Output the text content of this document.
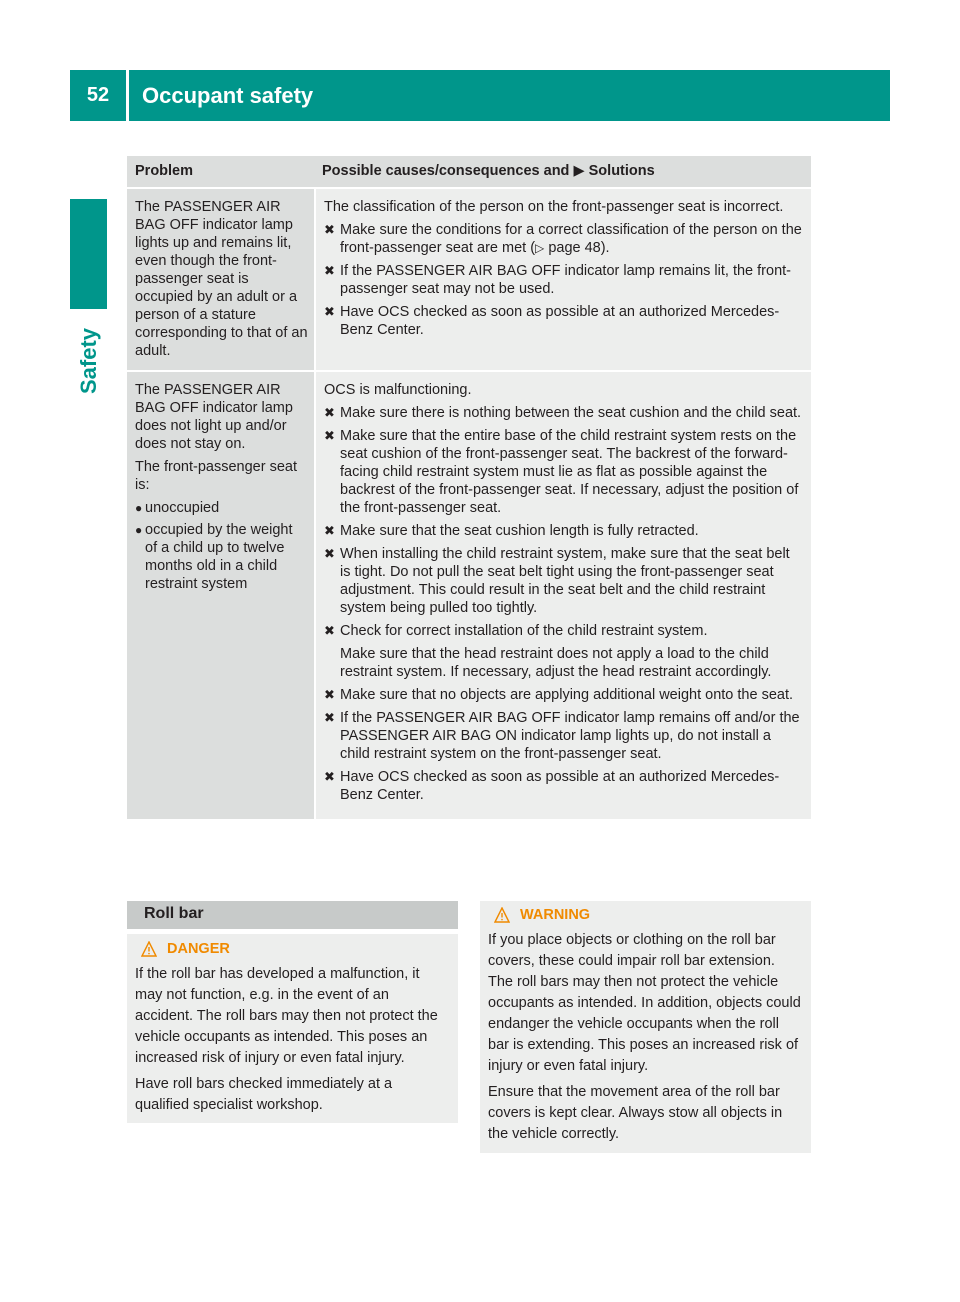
52	Occupant safety
Safety
Problem	Possible causes/consequences and ▶ Solutions
The PASSENGER AIR BAG OFF indicator lamp lights up and remains lit, even though the front-passenger seat is occupied by an adult or a person of a stature corresponding to that of an adult.
The classification of the person on the front-passenger seat is incorrect.
✖ Make sure the conditions for a correct classification of the person on the front-passenger seat are met (▷ page 48).
✖ If the PASSENGER AIR BAG OFF indicator lamp remains lit, the front-passenger seat may not be used.
✖ Have OCS checked as soon as possible at an authorized Mercedes-Benz Center.
The PASSENGER AIR BAG OFF indicator lamp does not light up and/or does not stay on.
The front-passenger seat is:
● unoccupied
● occupied by the weight of a child up to twelve months old in a child restraint system
OCS is malfunctioning.
✖ Make sure there is nothing between the seat cushion and the child seat.
✖ Make sure that the entire base of the child restraint system rests on the seat cushion of the front-passenger seat. The backrest of the forward-facing child restraint system must lie as flat as possible against the backrest of the front-passenger seat. If necessary, adjust the position of the front-passenger seat.
✖ Make sure that the seat cushion length is fully retracted.
✖ When installing the child restraint system, make sure that the seat belt is tight. Do not pull the seat belt tight using the front-passenger seat adjustment. This could result in the seat belt and the child restraint system being pulled too tightly.
✖ Check for correct installation of the child restraint system.
Make sure that the head restraint does not apply a load to the child restraint system. If necessary, adjust the head restraint accordingly.
✖ Make sure that no objects are applying additional weight onto the seat.
✖ If the PASSENGER AIR BAG OFF indicator lamp remains off and/or the PASSENGER AIR BAG ON indicator lamp lights up, do not install a child restraint system on the front-passenger seat.
✖ Have OCS checked as soon as possible at an authorized Mercedes-Benz Center.
Roll bar
DANGER
If the roll bar has developed a malfunction, it may not function, e.g. in the event of an accident. The roll bars may then not protect the vehicle occupants as intended. This poses an increased risk of injury or even fatal injury.
Have roll bars checked immediately at a qualified specialist workshop.
WARNING
If you place objects or clothing on the roll bar covers, these could impair roll bar extension. The roll bars may then not protect the vehicle occupants as intended. In addition, objects could endanger the vehicle occupants when the roll bar is extending. This poses an increased risk of injury or even fatal injury.
Ensure that the movement area of the roll bar covers is kept clear. Always stow all objects in the vehicle correctly.
